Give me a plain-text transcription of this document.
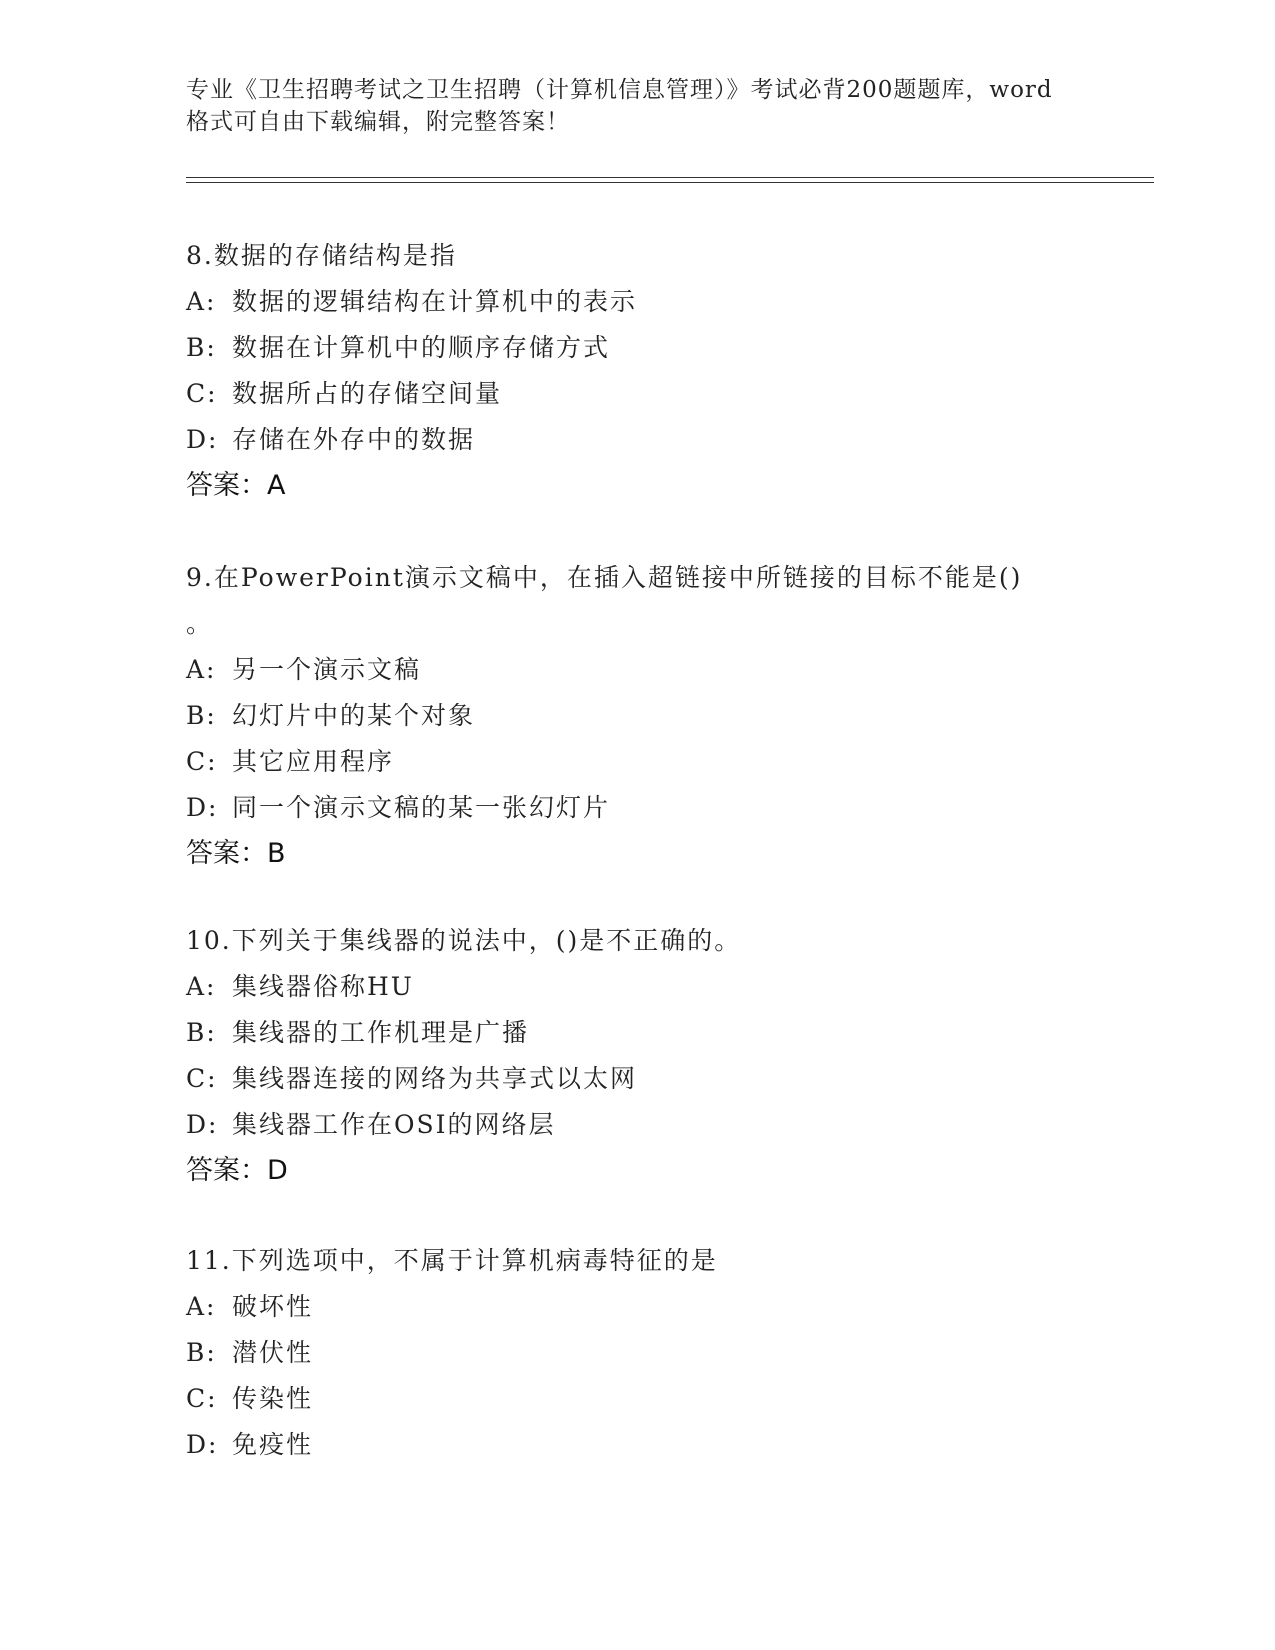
专业《卫生招聘考试之卫生招聘（计算机信息管理）》考试必背200题题库，word
格式可自由下载编辑，附完整答案！
8.数据的存储结构是指
A: 数据的逻辑结构在计算机中的表示
B: 数据在计算机中的顺序存储方式
C: 数据所占的存储空间量
D: 存储在外存中的数据
答案：A
9.在PowerPoint演示文稿中，在插入超链接中所链接的目标不能是()
。
A: 另一个演示文稿
B: 幻灯片中的某个对象
C: 其它应用程序
D: 同一个演示文稿的某一张幻灯片
答案：B
10.下列关于集线器的说法中，()是不正确的。
A: 集线器俗称HU
B: 集线器的工作机理是广播
C: 集线器连接的网络为共享式以太网
D: 集线器工作在OSI的网络层
答案：D
11.下列选项中，不属于计算机病毒特征的是
A: 破坏性
B: 潜伏性
C: 传染性
D: 免疫性
